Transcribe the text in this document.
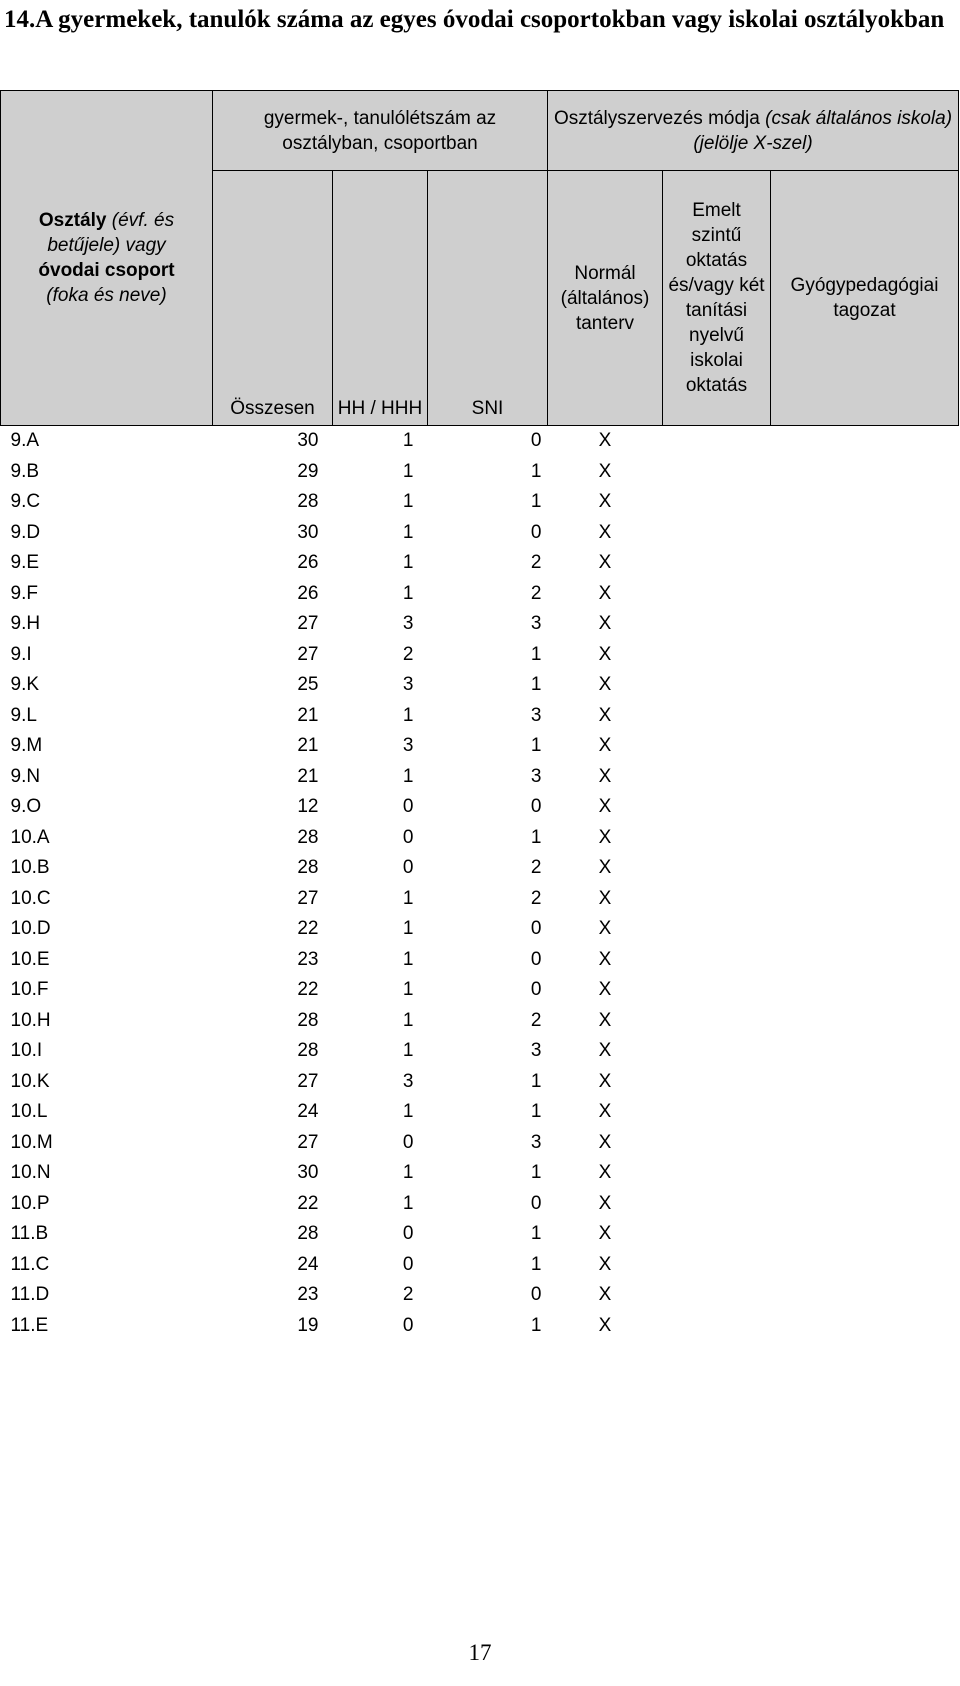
14.A gyermekek, tanulók száma az egyes óvodai csoportokban vagy iskolai osztályokban
Osztály (évf. és
betűjele) vagy
óvodai csoport
(foka és neve)	gyermek-, tanulólétszám az osztályban, csoportban			Osztályszervezés módja (csak általános iskola) (jelölje X-szel)		
				Normál (általános) tanterv	Emelt szintű oktatás és/vagy két tanítási nyelvű iskolai oktatás	Gyógypedagógiai tagozat
	Összesen	HH / HHH	SNI			
9.A	30	1	0	X		
9.B	29	1	1	X		
9.C	28	1	1	X		
9.D	30	1	0	X		
9.E	26	1	2	X		
9.F	26	1	2	X		
9.H	27	3	3	X		
9.I	27	2	1	X		
9.K	25	3	1	X		
9.L	21	1	3	X		
9.M	21	3	1	X		
9.N	21	1	3	X		
9.O	12	0	0	X		
10.A	28	0	1	X		
10.B	28	0	2	X		
10.C	27	1	2	X		
10.D	22	1	0	X		
10.E	23	1	0	X		
10.F	22	1	0	X		
10.H	28	1	2	X		
10.I	28	1	3	X		
10.K	27	3	1	X		
10.L	24	1	1	X		
10.M	27	0	3	X		
10.N	30	1	1	X		
10.P	22	1	0	X		
11.B	28	0	1	X		
11.C	24	0	1	X		
11.D	23	2	0	X		
11.E	19	0	1	X		
17
